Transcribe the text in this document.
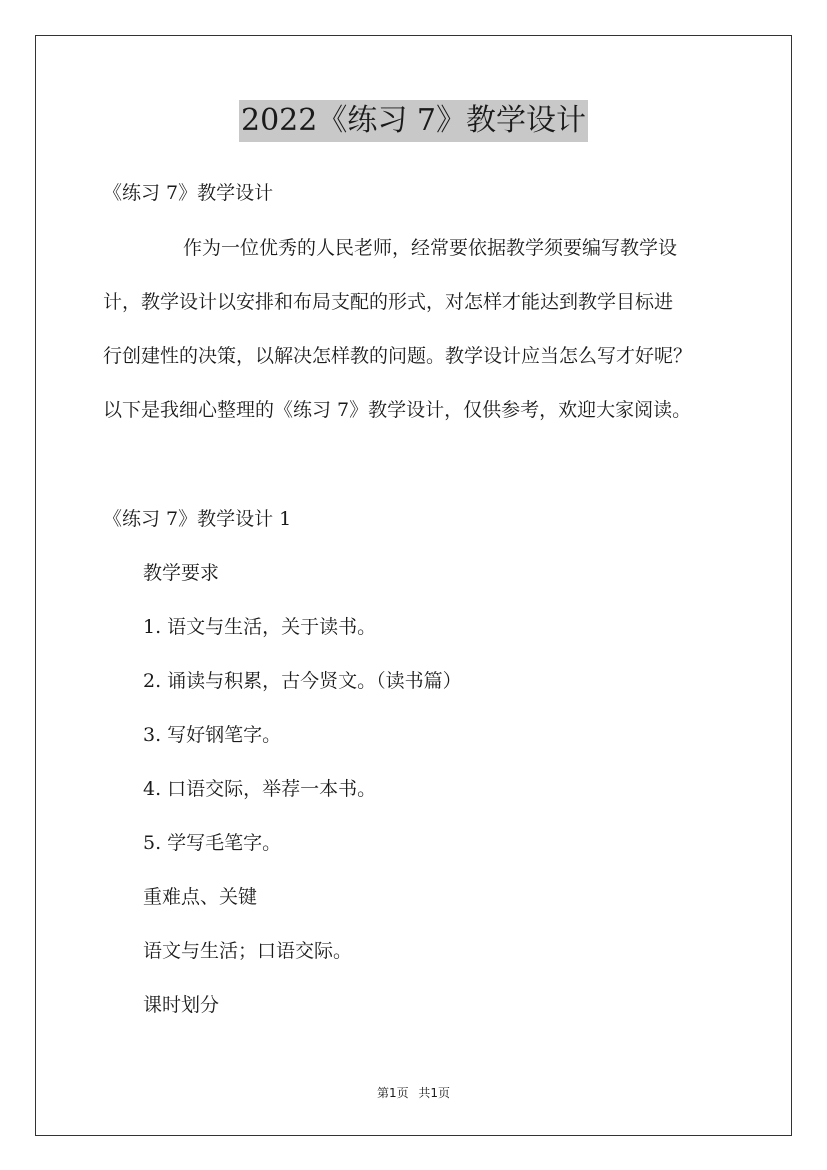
2022《练习 7》教学设计
《练习 7》教学设计
作为一位优秀的人民老师，经常要依据教学须要编写教学设
计，教学设计以安排和布局支配的形式，对怎样才能达到教学目标进
行创建性的决策，以解决怎样教的问题。教学设计应当怎么写才好呢？
以下是我细心整理的《练习 7》教学设计，仅供参考，欢迎大家阅读。
《练习 7》教学设计 1
教学要求
1. 语文与生活，关于读书。
2. 诵读与积累，古今贤文。（读书篇）
3. 写好钢笔字。
4. 口语交际，举荐一本书。
5. 学写毛笔字。
重难点、关键
语文与生活；口语交际。
课时划分
第1页 共1页
